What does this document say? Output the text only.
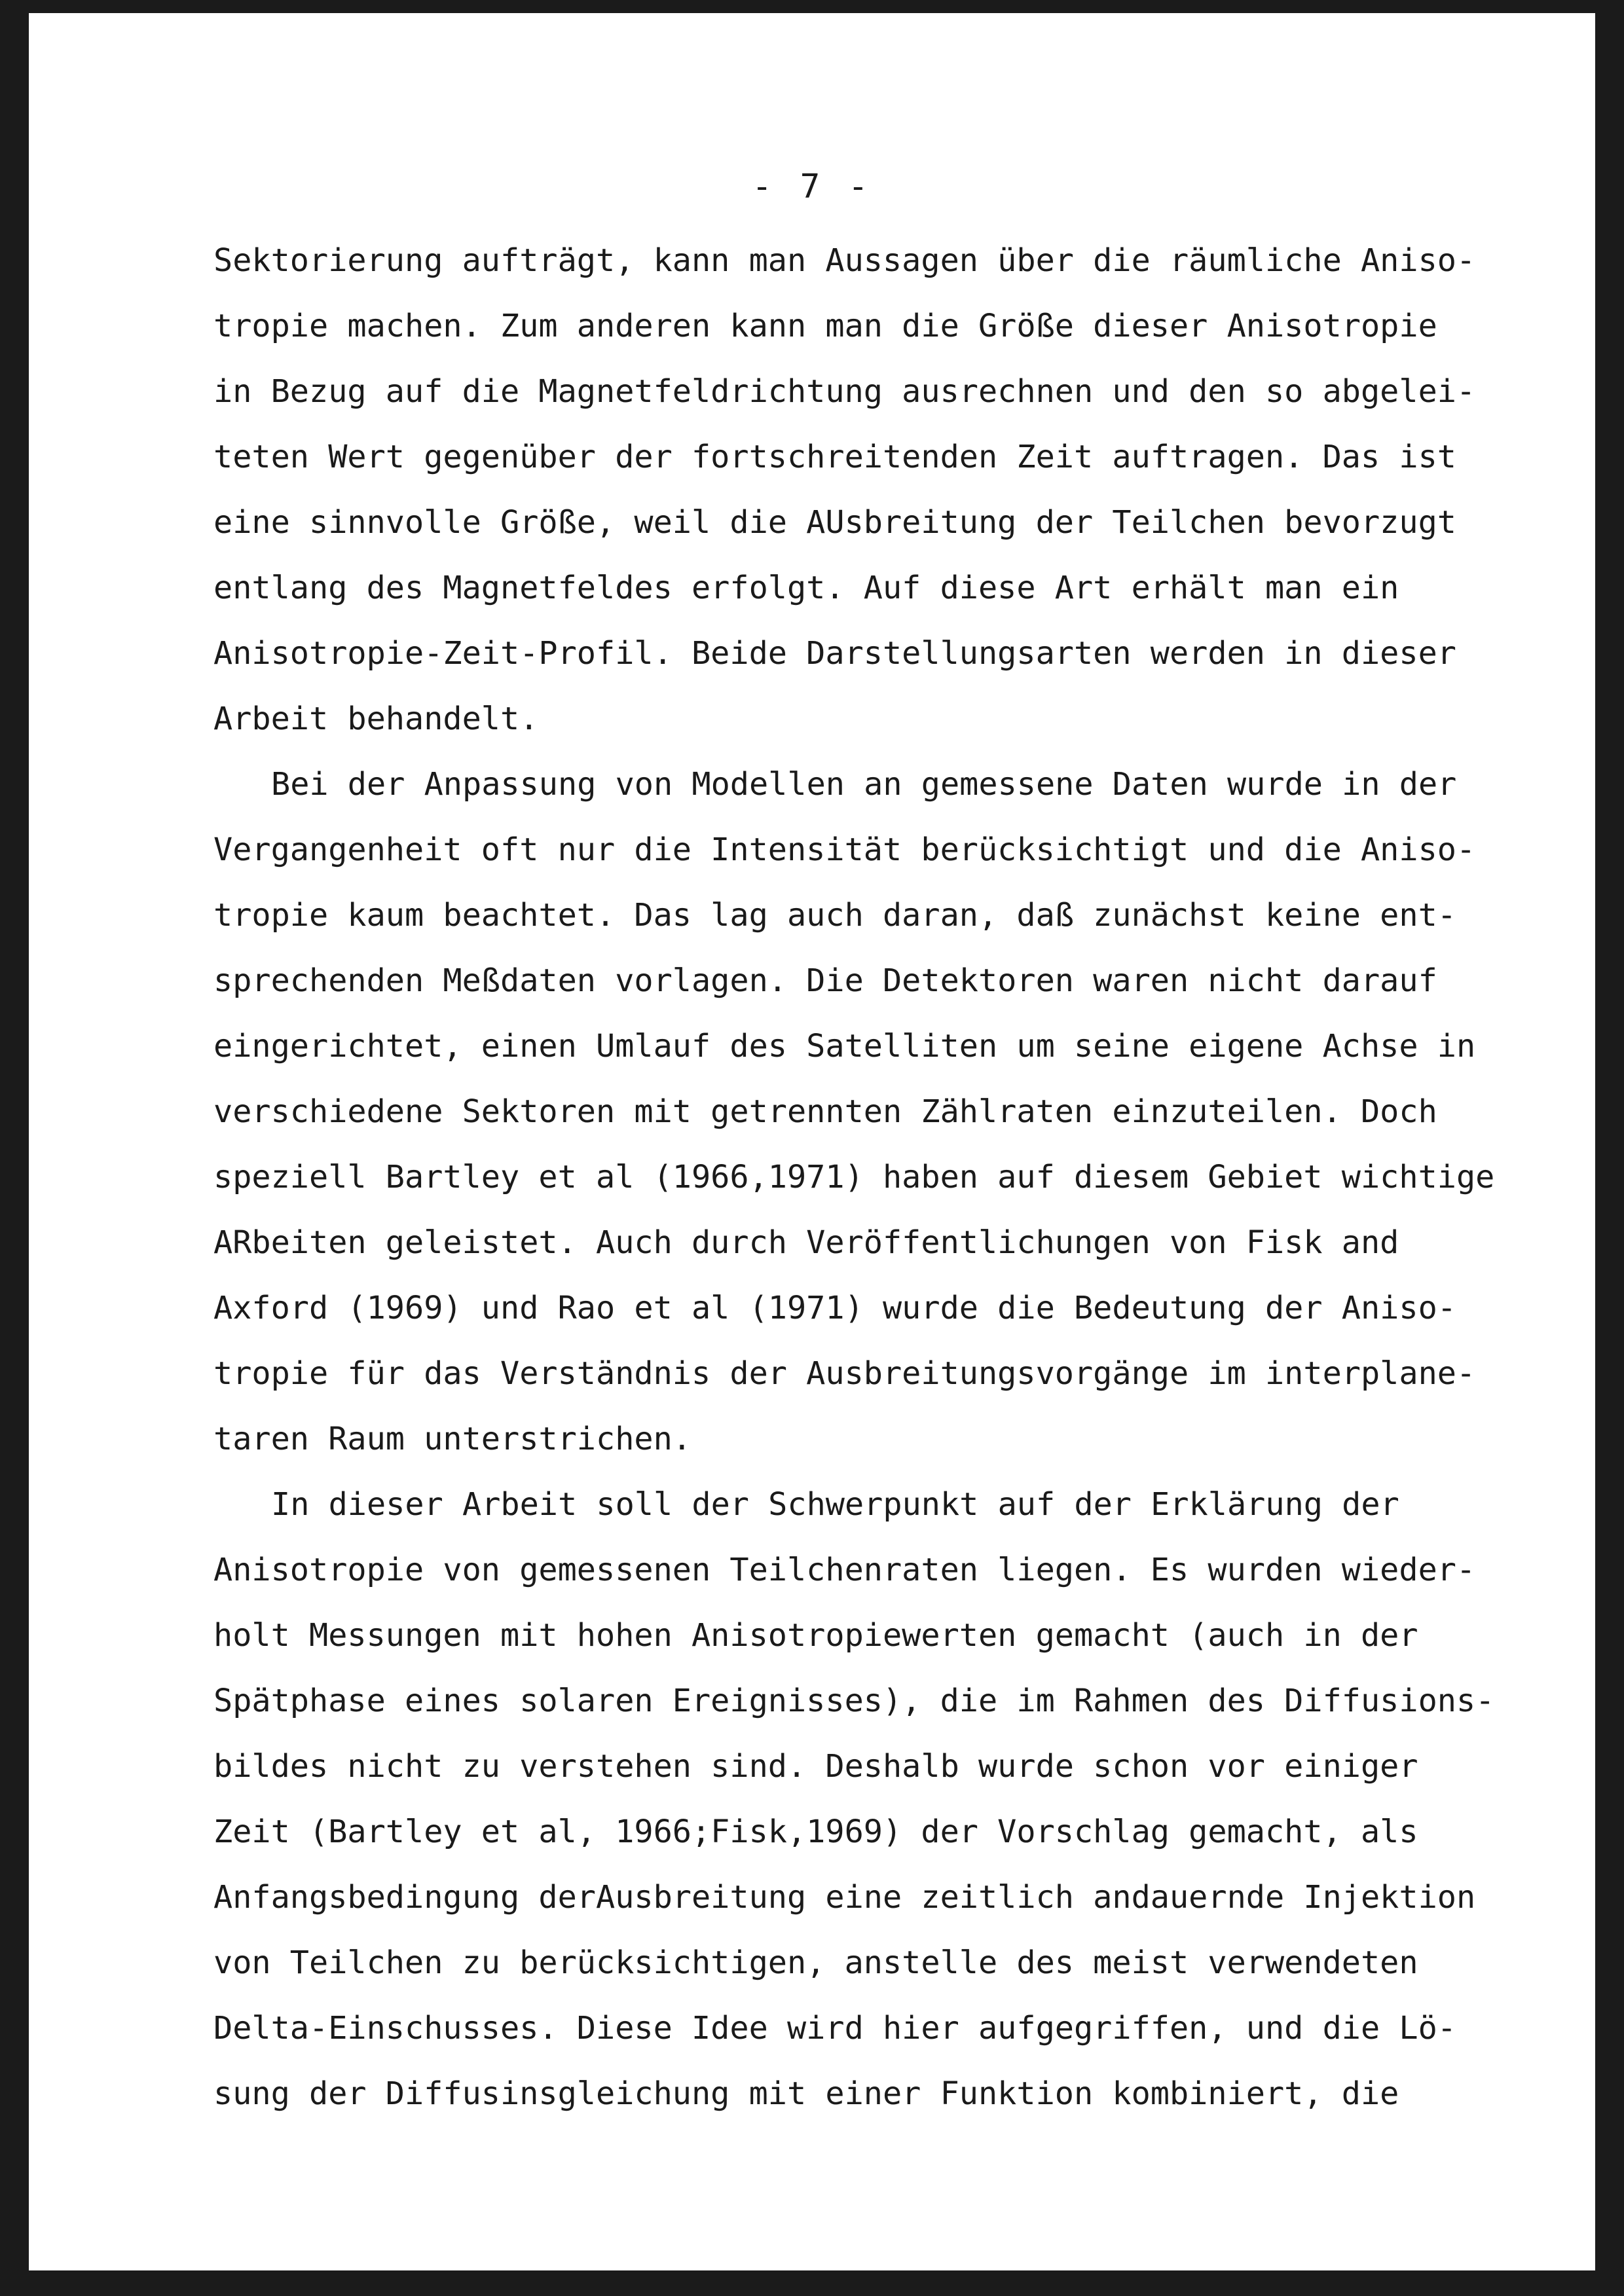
- 7 -
Sektorierung aufträgt, kann man Aussagen über die räumliche Aniso-
tropie machen. Zum anderen kann man die Größe dieser Anisotropie
in Bezug auf die Magnetfeldrichtung ausrechnen und den so abgelei-
teten Wert gegenüber der fortschreitenden Zeit auftragen. Das ist
eine sinnvolle Größe, weil die AUsbreitung der Teilchen bevorzugt
entlang des Magnetfeldes erfolgt. Auf diese Art erhält man ein
Anisotropie-Zeit-Profil. Beide Darstellungsarten werden in dieser
Arbeit behandelt.
Bei der Anpassung von Modellen an gemessene Daten wurde in der
Vergangenheit oft nur die Intensität berücksichtigt und die Aniso-
tropie kaum beachtet. Das lag auch daran, daß zunächst keine ent-
sprechenden Meßdaten vorlagen. Die Detektoren waren nicht darauf
eingerichtet, einen Umlauf des Satelliten um seine eigene Achse in
verschiedene Sektoren mit getrennten Zählraten einzuteilen. Doch
speziell Bartley et al (1966,1971) haben auf diesem Gebiet wichtige
ARbeiten geleistet. Auch durch Veröffentlichungen von Fisk and
Axford (1969) und Rao et al (1971) wurde die Bedeutung der Aniso-
tropie für das Verständnis der Ausbreitungsvorgänge im interplane-
taren Raum unterstrichen.
In dieser Arbeit soll der Schwerpunkt auf der Erklärung der
Anisotropie von gemessenen Teilchenraten liegen. Es wurden wieder-
holt Messungen mit hohen Anisotropiewerten gemacht (auch in der
Spätphase eines solaren Ereignisses), die im Rahmen des Diffusions-
bildes nicht zu verstehen sind. Deshalb wurde schon vor einiger
Zeit (Bartley et al, 1966;Fisk,1969) der Vorschlag gemacht, als
Anfangsbedingung derAusbreitung eine zeitlich andauernde Injektion
von Teilchen zu berücksichtigen, anstelle des meist verwendeten
Delta-Einschusses. Diese Idee wird hier aufgegriffen, und die Lö-
sung der Diffusinsgleichung mit einer Funktion kombiniert, die
